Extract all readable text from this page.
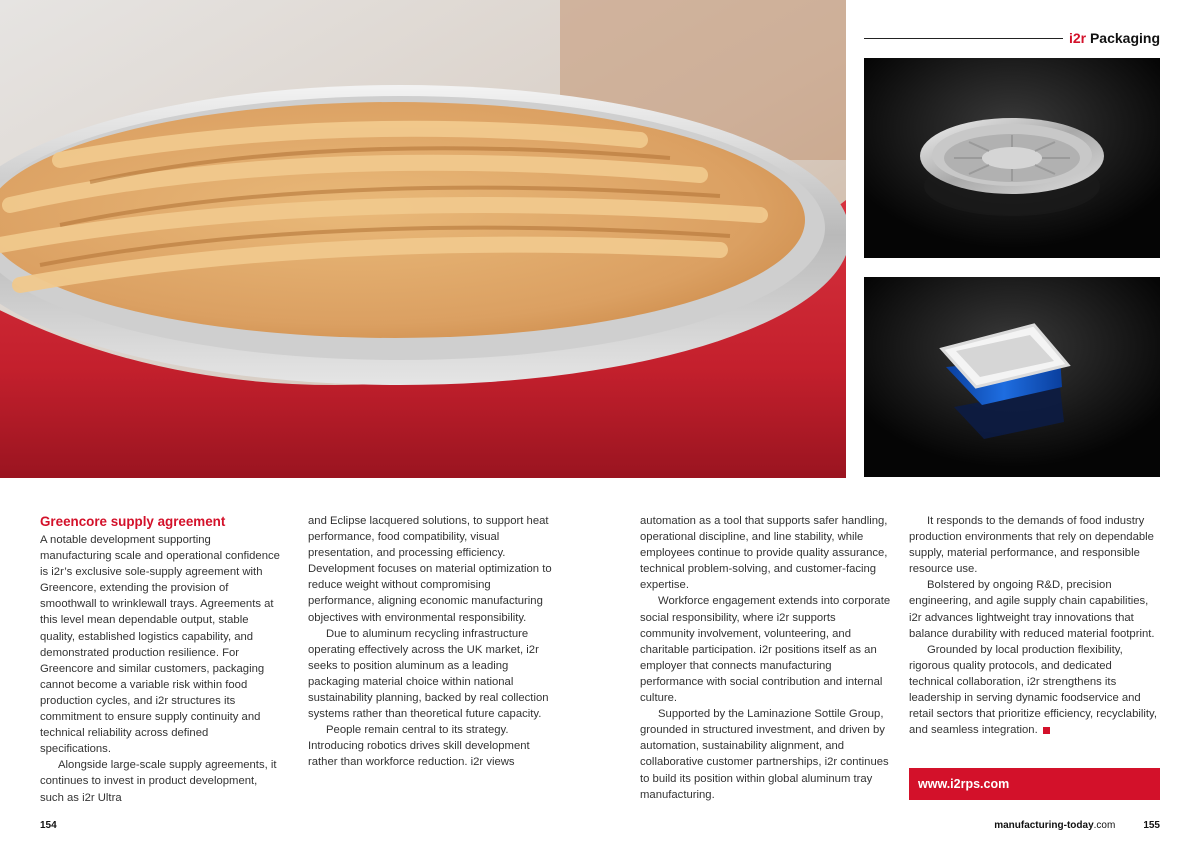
i2r Packaging
Greencore supply agreement

A notable development supporting manufacturing scale and operational confidence is i2r’s exclusive sole-supply agreement with Greencore, extending the provision of smoothwall to wrinklewall trays. Agreements at this level mean dependable output, stable quality, established logistics capability, and demonstrated production resilience. For Greencore and similar customers, packaging cannot become a variable risk within food production cycles, and i2r structures its commitment to ensure supply continuity and technical reliability across defined specifications.

Alongside large-scale supply agreements, it continues to invest in product development, such as i2r Ultra

and Eclipse lacquered solutions, to support heat performance, food compatibility, visual presentation, and processing efficiency. Development focuses on material optimization to reduce weight without compromising performance, aligning economic manufacturing objectives with environmental responsibility.

Due to aluminum recycling infrastructure operating effectively across the UK market, i2r seeks to position aluminum as a leading packaging material choice within national sustainability planning, backed by real collection systems rather than theoretical future capacity.

People remain central to its strategy. Introducing robotics drives skill development rather than workforce reduction. i2r views

automation as a tool that supports safer handling, operational discipline, and line stability, while employees continue to provide quality assurance, technical problem-solving, and customer-facing expertise.

Workforce engagement extends into corporate social responsibility, where i2r supports community involvement, volunteering, and charitable participation. i2r positions itself as an employer that connects manufacturing performance with social contribution and internal culture.

Supported by the Laminazione Sottile Group, grounded in structured investment, and driven by automation, sustainability alignment, and collaborative customer partnerships, i2r continues to build its position within global aluminum tray manufacturing.

It responds to the demands of food industry production environments that rely on dependable supply, material performance, and responsible resource use.

Bolstered by ongoing R&D, precision engineering, and agile supply chain capabilities, i2r advances lightweight tray innovations that balance durability with reduced material footprint.

Grounded by local production flexibility, rigorous quality protocols, and dedicated technical collaboration, i2r strengthens its leadership in serving dynamic foodservice and retail sectors that prioritize efficiency, recyclability, and seamless integration.

www.i2rps.com
154	manufacturing-today.com	155
